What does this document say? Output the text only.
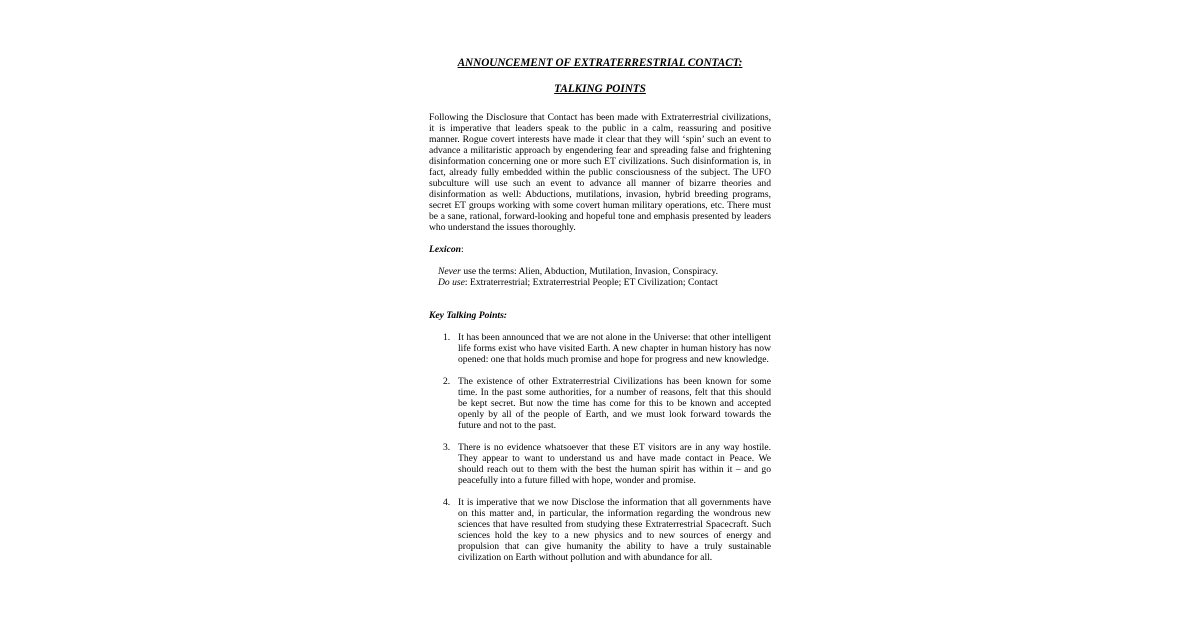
ANNOUNCEMENT OF EXTRATERRESTRIAL CONTACT:

TALKING POINTS

Following the Disclosure that Contact has been made with Extraterrestrial civilizations, it is imperative that leaders speak to the public in a calm, reassuring and positive manner. Rogue covert interests have made it clear that they will ‘spin’ such an event to advance a militaristic approach by engendering fear and spreading false and frightening disinformation concerning one or more such ET civilizations. Such disinformation is, in fact, already fully embedded within the public consciousness of the subject. The UFO subculture will use such an event to advance all manner of bizarre theories and disinformation as well: Abductions, mutilations, invasion, hybrid breeding programs, secret ET groups working with some covert human military operations, etc. There must be a sane, rational, forward-looking and hopeful tone and emphasis presented by leaders who understand the issues thoroughly.

Lexicon:

Never use the terms: Alien, Abduction, Mutilation, Invasion, Conspiracy.
Do use: Extraterrestrial; Extraterrestrial People; ET Civilization; Contact

Key Talking Points:

1. It has been announced that we are not alone in the Universe: that other intelligent life forms exist who have visited Earth. A new chapter in human history has now opened: one that holds much promise and hope for progress and new knowledge.
2. The existence of other Extraterrestrial Civilizations has been known for some time. In the past some authorities, for a number of reasons, felt that this should be kept secret. But now the time has come for this to be known and accepted openly by all of the people of Earth, and we must look forward towards the future and not to the past.
3. There is no evidence whatsoever that these ET visitors are in any way hostile. They appear to want to understand us and have made contact in Peace. We should reach out to them with the best the human spirit has within it – and go peacefully into a future filled with hope, wonder and promise.
4. It is imperative that we now Disclose the information that all governments have on this matter and, in particular, the information regarding the wondrous new sciences that have resulted from studying these Extraterrestrial Spacecraft. Such sciences hold the key to a new physics and to new sources of energy and propulsion that can give humanity the ability to have a truly sustainable civilization on Earth without pollution and with abundance for all.
